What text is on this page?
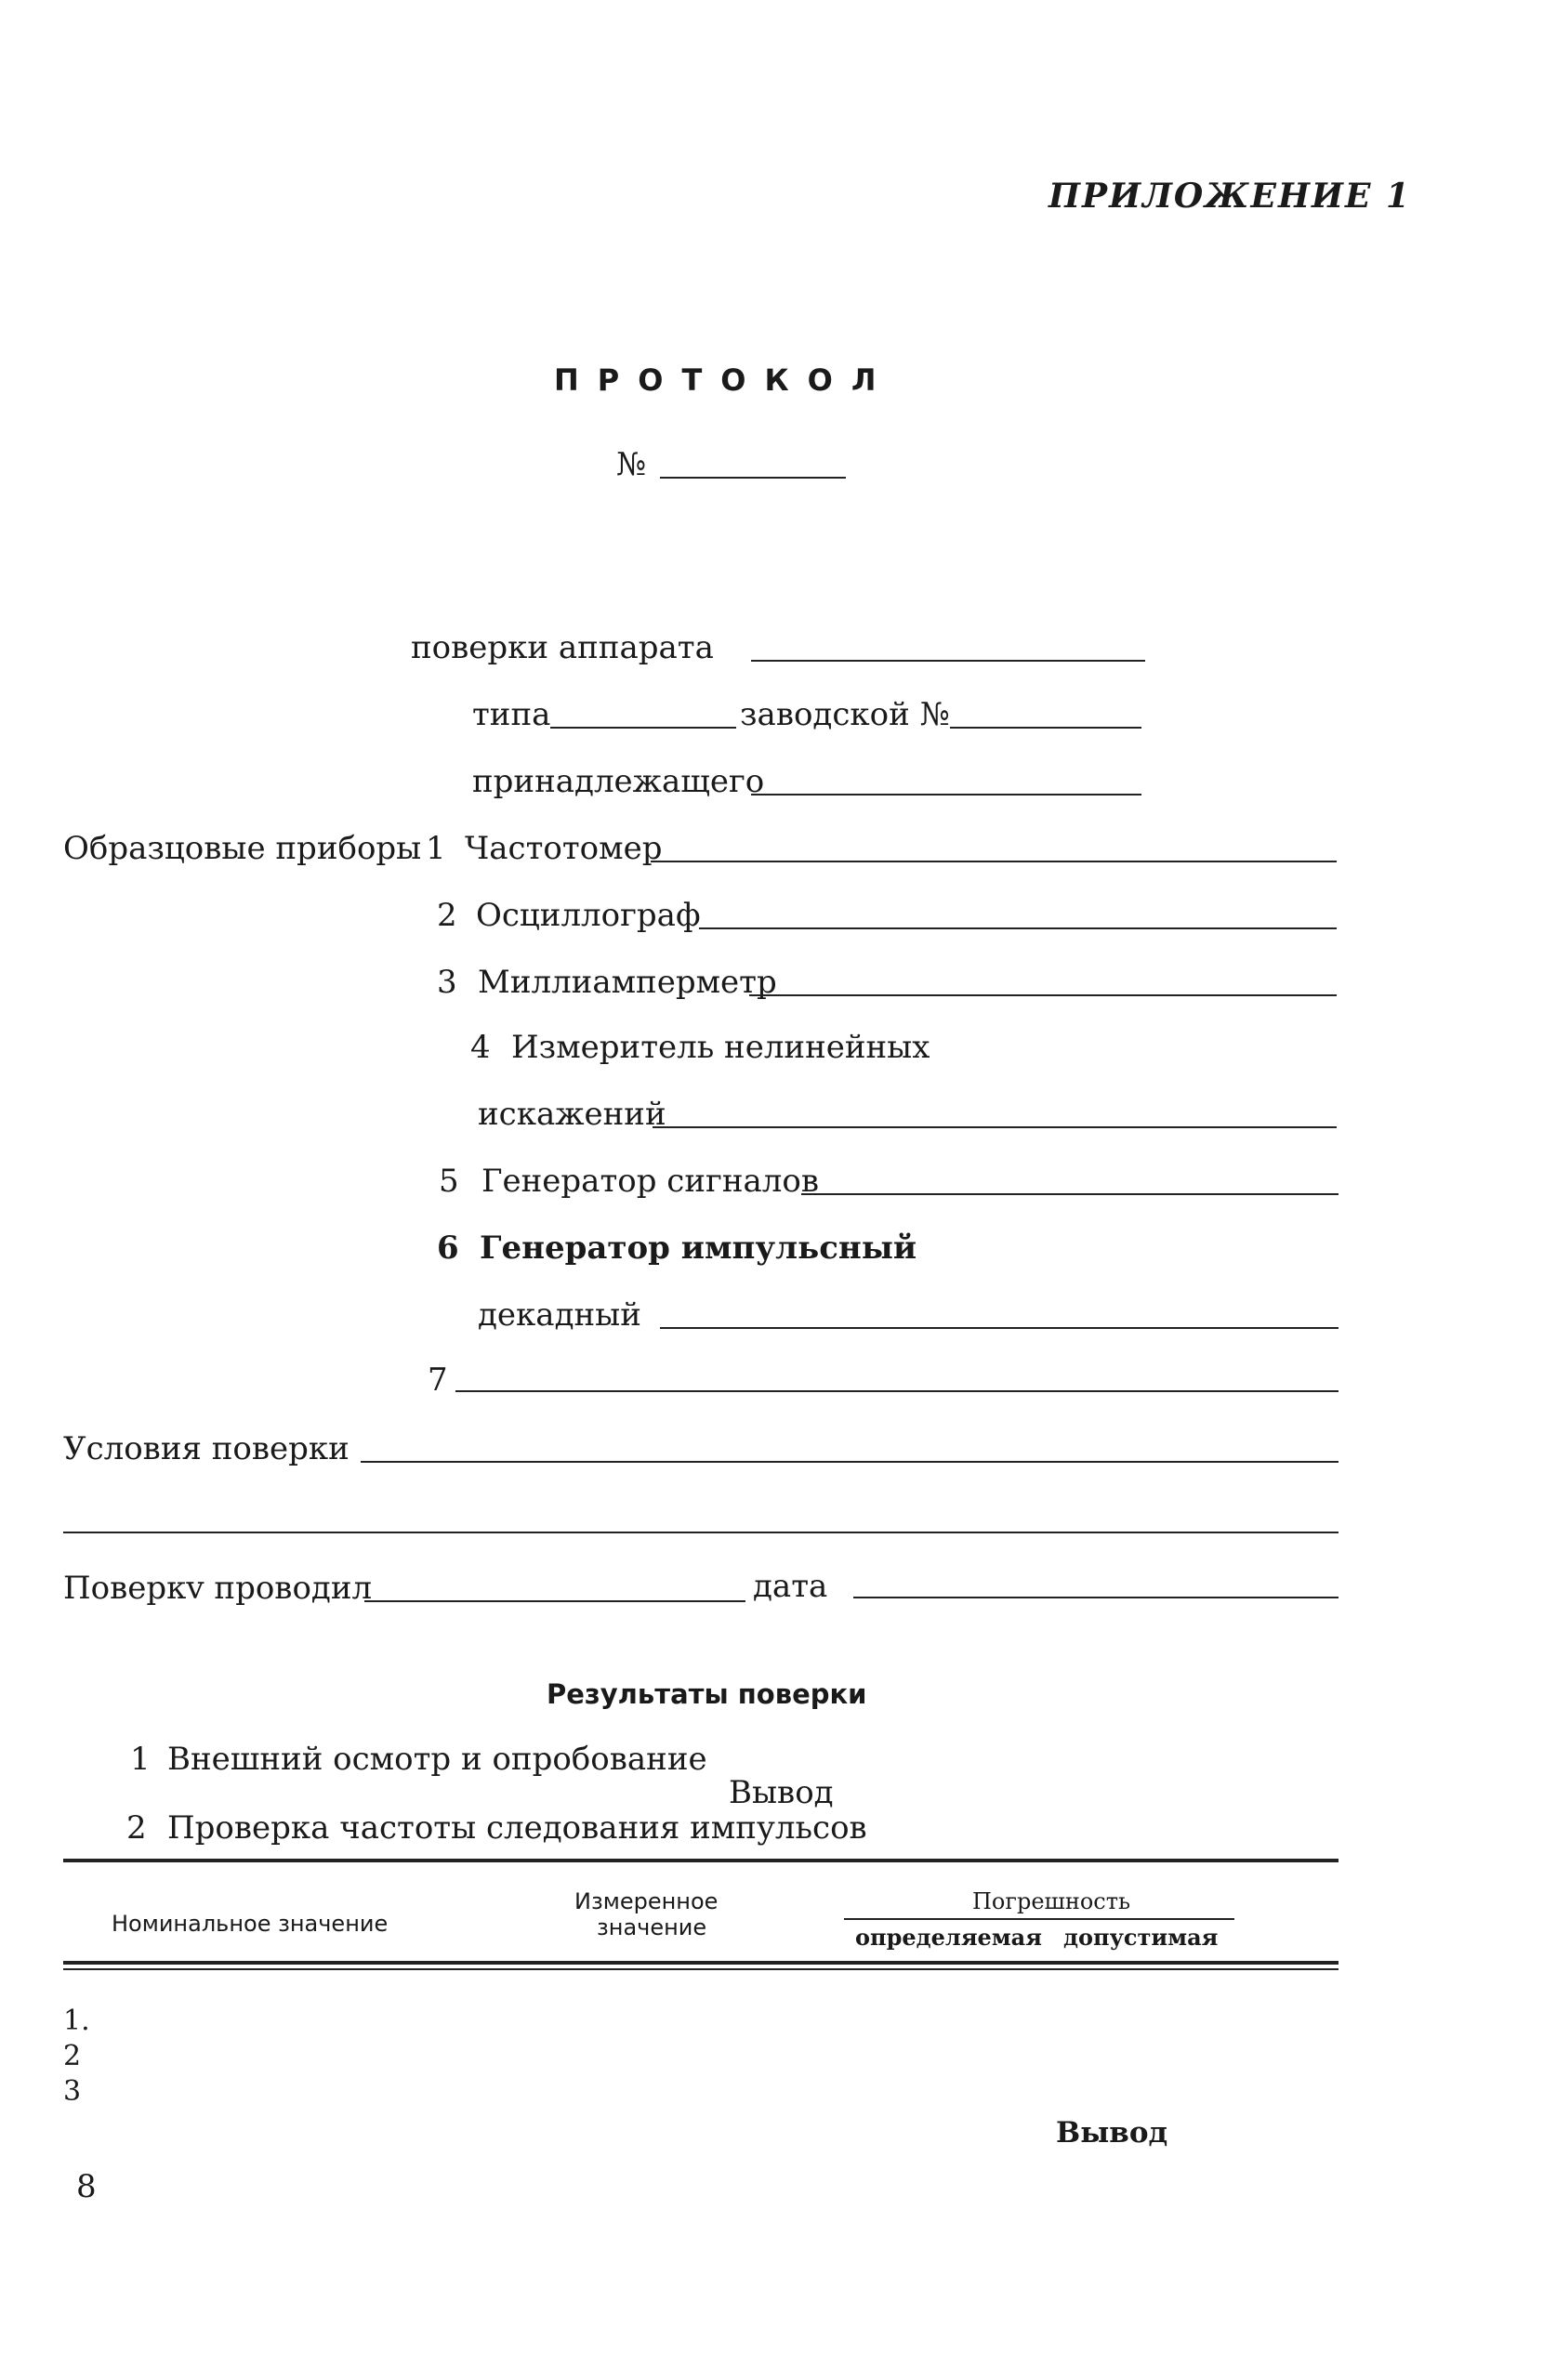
ПРИЛОЖЕНИЕ 1
ПРОТОКОЛ
№
поверки аппарата
типа	заводской №
принадлежащего
Образцовые приборы 1 Частотомер
2 Осциллограф
3 Миллиамперметр
4 Измеритель нелинейных
искажений
5 Генератор сигналов
6 Генератор импульсный
декадный
7
Условия поверки
Поверкv проводил	дата
Результаты поверки
1 Внешний осмотр и опробование
Вывод
2 Проверка частоты следования импульсов
Номинальное значение
Измеренное
значение
Погрешность
определяемая допустимая
1.
2
3
Вывод
8
